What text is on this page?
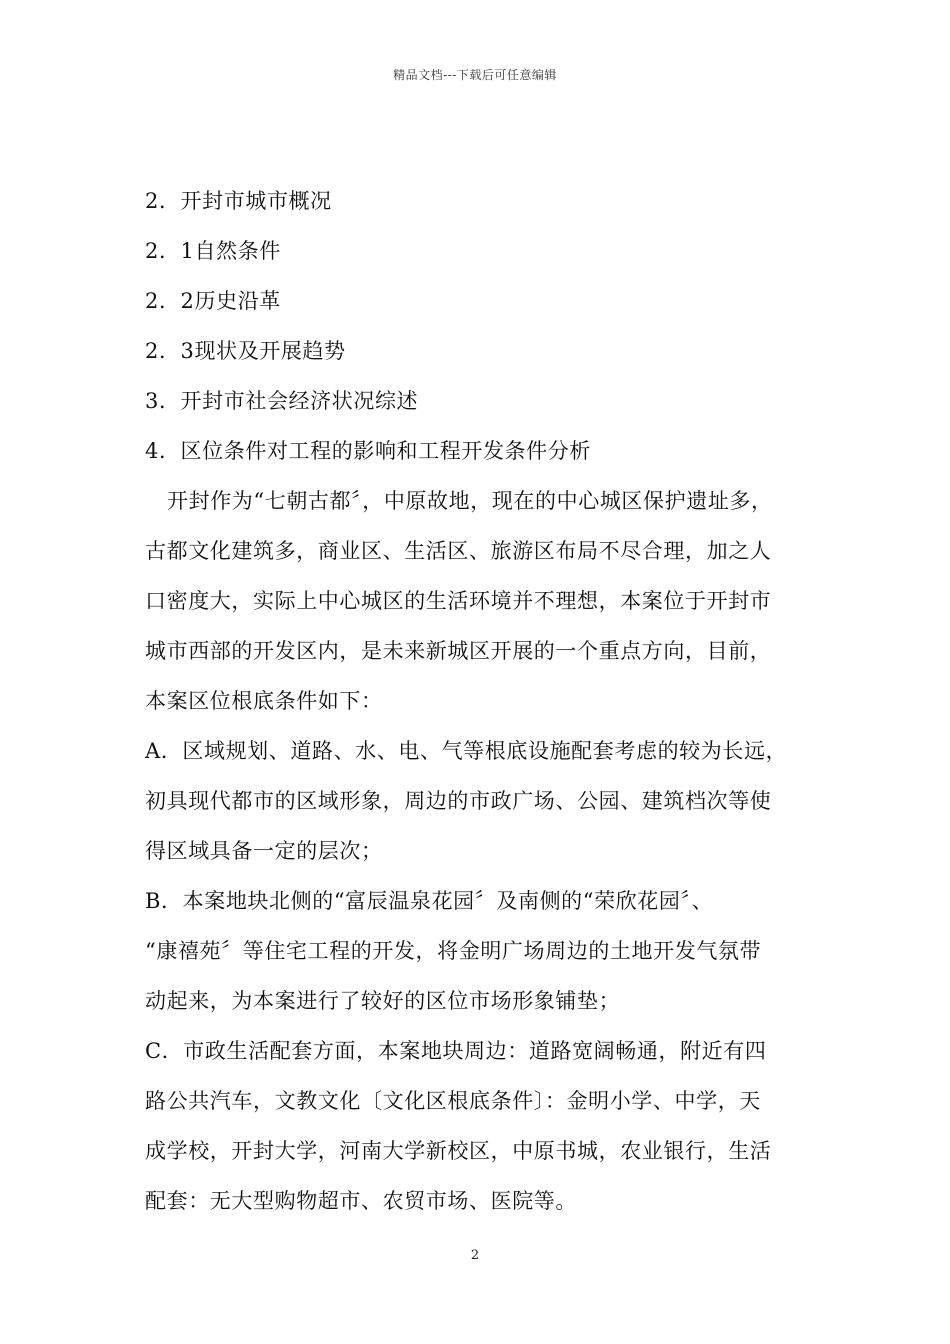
精品文档---下载后可任意编辑
2．开封市城市概况
2．1自然条件
2．2历史沿革
2．3现状及开展趋势
3．开封市社会经济状况综述
4．区位条件对工程的影响和工程开发条件分析
开封作为“七朝古都〞，中原故地，现在的中心城区保护遗址多，
古都文化建筑多，商业区、生活区、旅游区布局不尽合理，加之人
口密度大，实际上中心城区的生活环境并不理想，本案位于开封市
城市西部的开发区内，是未来新城区开展的一个重点方向，目前，
本案区位根底条件如下：
A．区域规划、道路、水、电、气等根底设施配套考虑的较为长远，
初具现代都市的区域形象，周边的市政广场、公园、建筑档次等使
得区域具备一定的层次；
B．本案地块北侧的“富辰温泉花园〞及南侧的“荣欣花园〞、
“康禧苑〞等住宅工程的开发，将金明广场周边的土地开发气氛带
动起来，为本案进行了较好的区位市场形象铺垫；
C．市政生活配套方面，本案地块周边：道路宽阔畅通，附近有四
路公共汽车，文教文化〔文化区根底条件〕：金明小学、中学，天
成学校，开封大学，河南大学新校区，中原书城，农业银行，生活
配套：无大型购物超市、农贸市场、医院等。
2
